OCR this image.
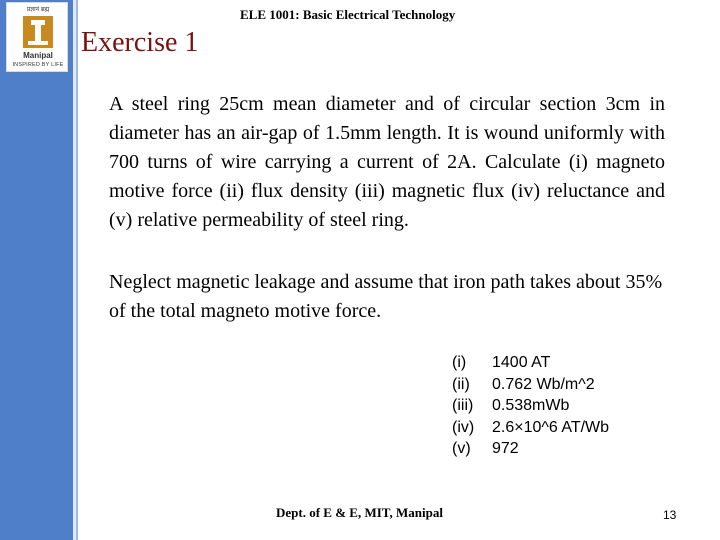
प्रज्ञानं ब्रह्म
Manipal
INSPIRED BY LIFE
ELE 1001: Basic Electrical Technology
Exercise 1

A steel ring 25cm mean diameter and of circular section 3cm in diameter has an air-gap of 1.5mm length. It is wound uniformly with 700 turns of wire carrying a current of 2A. Calculate (i) magneto motive force (ii) flux density (iii) magnetic flux (iv) reluctance and (v) relative permeability of steel ring.

Neglect magnetic leakage and assume that iron path takes about 35% of the total magneto motive force.

(i)	1400 AT
(ii)	0.762 Wb/m^2
(iii)	0.538mWb
(iv)	2.6×10^6 AT/Wb
(v)	972
Dept. of E & E, MIT, Manipal	13
